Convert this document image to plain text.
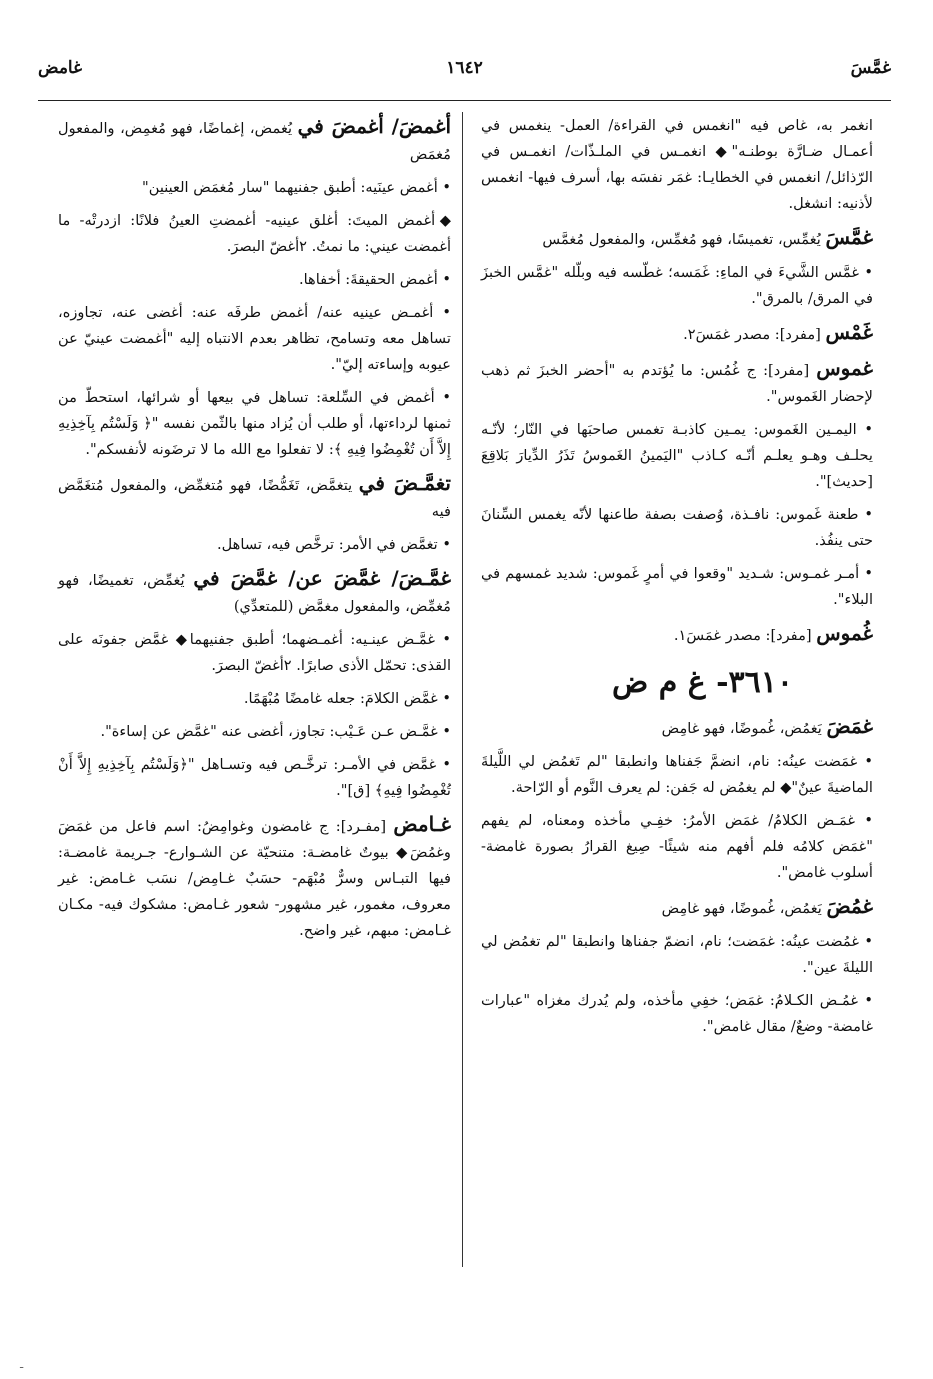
غمَّسَ
١٦٤٢
غامض

انغمر به، غاص فيه "انغمس في القراءة/ العمل- ينغمس في أعمـال ضـارَّة بوطنـه"◆ انغمـس في الملـذّات/ انغمـس في الرّذائل/ انغمس في الخطايـا: غمَر نفسَه بها، أسرف فيها- انغمس لأذنيه: انشغل.

غمَّسَ يُغمِّس، تغميسًا، فهو مُغمِّس، والمفعول مُغمَّس

• غمَّس الشَّيءَ في الماءِ: غَمَسه؛ غطّسه فيه وبلّله "غمَّس الخبزَ في المرق/ بالمرق".

غَمْس [مفرد]: مصدر غمَسَ٢.

غموس [مفرد]: ج غُمُس: ما يُؤتدم به "أحضر الخبزَ ثم ذهب لإحضار الغَموس".

• اليمـين الغَموس: يمـين كاذبـة تغمس صاحبَها في النّار؛ لأنّـه يحلـف وهـو يعلـم أنّـه كـاذب "اليَمينُ الغَموسُ تَذَرُ الدِّيارَ بَلاقِعَ [حديث]".

• طعنة غَموس: نافـذة، وُصفت بصفة طاعنها لأنّه يغمس السِّنانَ حتى ينفُذ.

• أمـر غمـوس: شـديد "وقعوا في أمرٍ غَموس: شديد غمسهم في البلاء".

غُموس [مفرد]: مصدر غمَسَ١.

٣٦١٠- غ م ض

غمَضَ يَغمُض، غُموضًا، فهو غامِض

• غمَضت عينُه: نام، انضمَّ جَفناها وانطبقا "لم تَغمُض لي اللَّيلةَ الماضيةَ عينٌ"◆ لم يغمُض له جَفن: لم يعرف النَّوم أو الرّاحة.

• غمَـض الكلامُ/ غمَض الأمرُ: خفِـي مأخذه ومعناه، لم يفهم "غمَض كلامُه فلم أفهم منه شيئًا- صِيغ القرارُ بصورة غامضة- أسلوب غامض".

غمُضَ يَغمُض، غُموضًا، فهو غامِض

• غمُضت عينُه: غمَضت؛ نام، انضمّ جفناها وانطبقا "لم تغمُض لي الليلةَ عين".

• غمُـض الكـلامُ: غمَض؛ خفِي مأخذه، ولم يُدرك مغزاه "عبارات غامضة- وضعٌ/ مقال غامض".

أغمضَ/ أغمضَ في يُغمض، إغماضًا، فهو مُغمِض، والمفعول مُغمَض

• أغمض عينَيه: أطبق جفنيهما "سار مُغمَض العينين"

◆أغمض الميتَ: أغلق عينيه- أغمضتِ العينُ فلانًا: ازدرتْه- ما أغمضت عيني: ما نمتُ. ٢أغضّ البصرَ.

• أغمض الحقيقةَ: أخفاها.

• أغمـض عينيه عنه/ أغمض طرفَه عنه: أغضى عنه، تجاوزه، تساهل معه وتسامح، تظاهر بعدم الانتباه إليه "أغمضت عينيّ عن عيوبه وإساءته إليّ".

• أغمض في السِّلعة: تساهل في بيعها أو شرائها، استحطّ من ثمنها لرداءتها، أو طلب أن يُزاد منها بالثّمن نفسه "﴿ وَلَسْتُم بِآخِذِيهِ إِلاَّ أَن تُغْمِضُوا فِيهِ ﴾: لا تفعلوا مع الله ما لا ترضَونه لأنفسكم".

تغمَّـضَ في يتغمَّض، تَغَمُّضًا، فهو مُتغمِّض، والمفعول مُتغَمَّض فيه

• تغمَّض في الأمر: ترخَّص فيه، تساهل.

غمَّـضَ/ غمَّضَ عن/ غمَّضَ في يُغمِّض، تغميضًا، فهو مُغمِّض، والمفعول مغمَّض (للمتعدِّي)

• غمَّـض عينـيه: أغمـضهما؛ أطبق جفنيهما◆ غمَّض جفونَه على القذى: تحمّل الأذى صابرًا. ٢أغضّ البصرَ.

• غمَّض الكلامَ: جعله غامضًا مُبْهَمًا.

• غمَّـض عـن عَـيْب: تجاوز، أغضى عنه "غمَّض عن إساءة".

• غمَّض في الأمـر: ترخَّـص فيه وتسـاهل "﴿وَلَسْتُم بِآخِذِيهِ إِلاَّ أَنْ تُغْمِضُوا فِيهِ﴾ [ق]".

غـامض [مفـرد]: ج غامضون وغوامِضُ: اسم فاعل من غمَضَ وغمُضَ◆ بيوتٌ غامضـة: متنحيّة عن الشـوارع- جـريمة غامضـة: فيها التبـاس وسرٌّ مُبْهَم- حسَبٌ غـامِض/ نسَب غـامض: غير معروف، مغمور، غير مشهور- شعور غـامض: مشكوك فيه- مكـان غـامض: مبهم، غير واضح.

ـ
